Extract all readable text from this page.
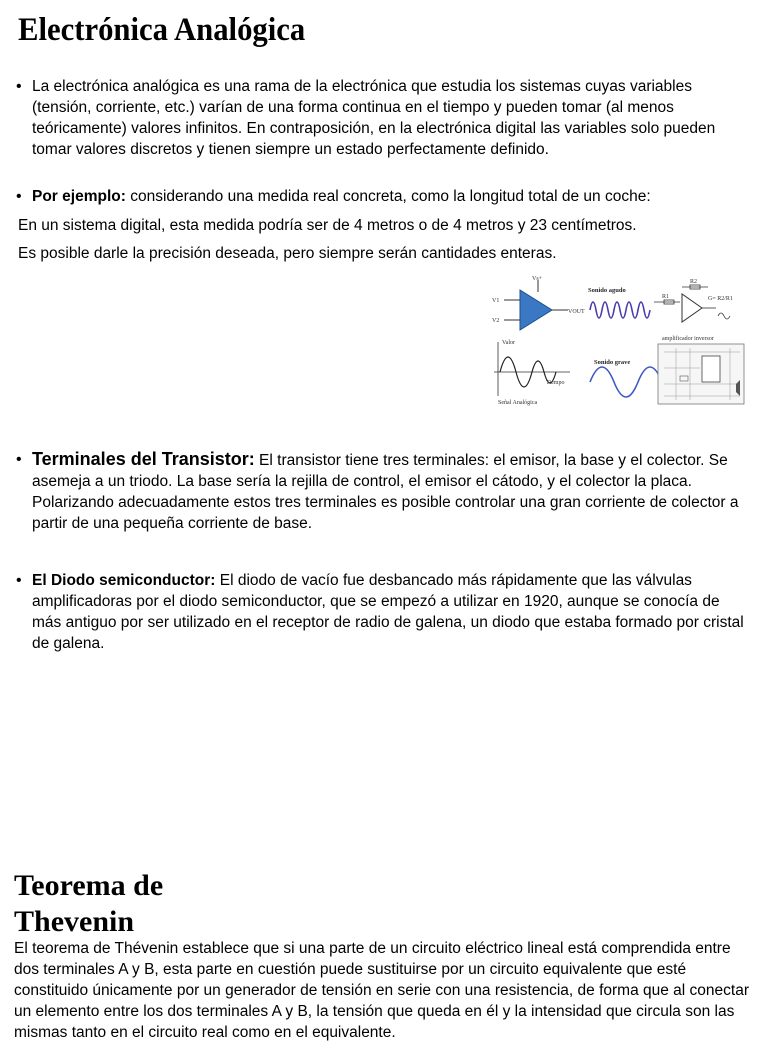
Electrónica Analógica
• La electrónica analógica es una rama de la electrónica que estudia los sistemas cuyas variables (tensión, corriente, etc.) varían de una forma continua en el tiempo y pueden tomar (al menos teóricamente) valores infinitos. En contraposición, en la electrónica digital las variables solo pueden tomar valores discretos y tienen siempre un estado perfectamente definido.
• Por ejemplo: considerando una medida real concreta, como la longitud total de un coche:
En un sistema digital, esta medida podría ser de 4 metros o de 4 metros y 23 centímetros.
Es posible darle la precisión deseada, pero siempre serán cantidades enteras.
Vs+
V1
V2
VOUT
Sonido agudo
R1
R2
G= R2/R1
amplificador inversor
Valor
Tiempo
Señal Analógica
Sonido grave
• Terminales del Transistor: El transistor tiene tres terminales: el emisor, la base y el colector. Se asemeja a un triodo. La base sería la rejilla de control, el emisor el cátodo, y el colector la placa. Polarizando adecuadamente estos tres terminales es posible controlar una gran corriente de colector a partir de una pequeña corriente de base.
• El Diodo semiconductor: El diodo de vacío fue desbancado más rápidamente que las válvulas amplificadoras por el diodo semiconductor, que se empezó a utilizar en 1920, aunque se conocía de más antiguo por ser utilizado en el receptor de radio de galena, un diodo que estaba formado por cristal de galena.
Teorema de
Thevenin

El teorema de Thévenin establece que si una parte de un circuito eléctrico lineal está comprendida entre dos terminales A y B, esta parte en cuestión puede sustituirse por un circuito equivalente que esté constituido únicamente por un generador de tensión en serie con una resistencia, de forma que al conectar un elemento entre los dos terminales A y B, la tensión que queda en él y la intensidad que circula son las mismas tanto en el circuito real como en el equivalente.
